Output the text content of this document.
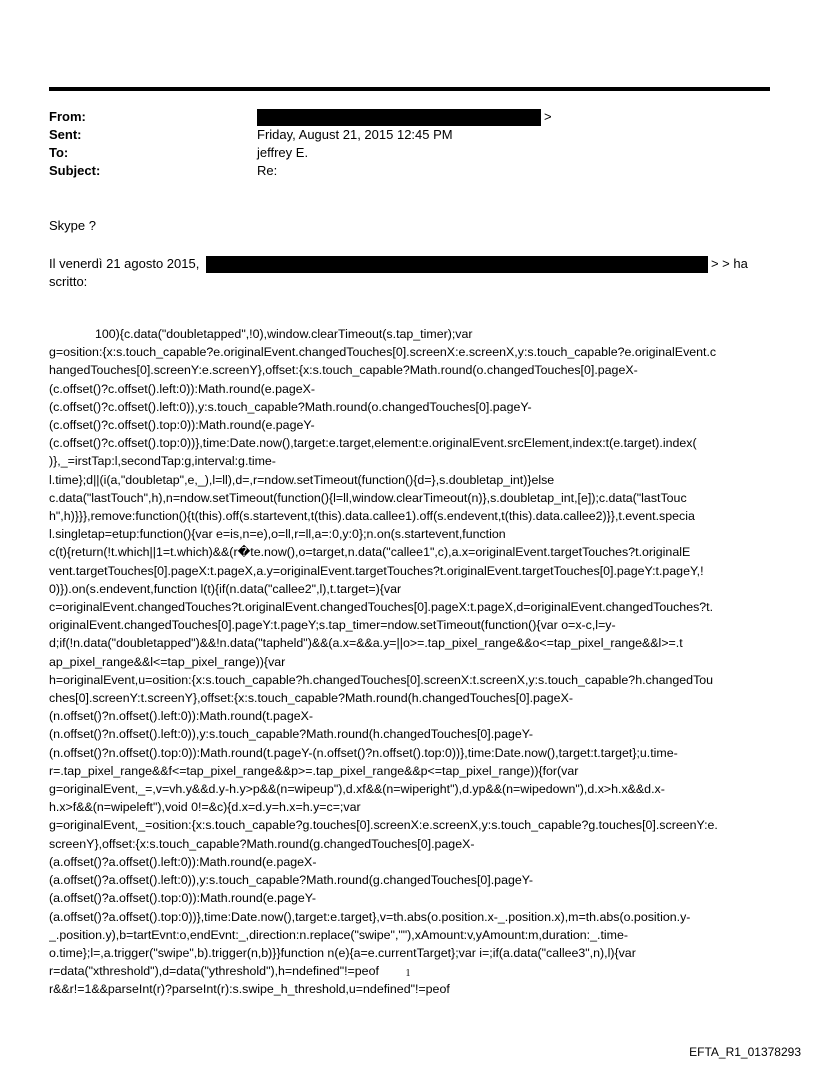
From:	>
Sent:	Friday, August 21, 2015 12:45 PM
To:	jeffrey E.
Subject:	Re:
Skype ?
Il venerdì 21 agosto 2015,	> > ha
scritto:
100){c.data("doubletapped",!0),window.clearTimeout(s.tap_timer);var
g=osition:{x:s.touch_capable?e.originalEvent.changedTouches[0].screenX:e.screenX,y:s.touch_capable?e.originalEvent.c
hangedTouches[0].screenY:e.screenY},offset:{x:s.touch_capable?Math.round(o.changedTouches[0].pageX-
(c.offset()?c.offset().left:0)):Math.round(e.pageX-
(c.offset()?c.offset().left:0)),y:s.touch_capable?Math.round(o.changedTouches[0].pageY-
(c.offset()?c.offset().top:0)):Math.round(e.pageY-
(c.offset()?c.offset().top:0))},time:Date.now(),target:e.target,element:e.originalEvent.srcElement,index:t(e.target).index(
)},_=irstTap:l,secondTap:g,interval:g.time-
l.time};d||(i(a,"doubletap",e,_),l=ll),d=,r=ndow.setTimeout(function(){d=},s.doubletap_int)}else
c.data("lastTouch",h),n=ndow.setTimeout(function(){l=ll,window.clearTimeout(n)},s.doubletap_int,[e]);c.data("lastTouc
h",h)}}},remove:function(){t(this).off(s.startevent,t(this).data.callee1).off(s.endevent,t(this).data.callee2)}},t.event.specia
l.singletap=etup:function(){var e=is,n=e),o=ll,r=ll,a=:0,y:0};n.on(s.startevent,function
c(t){return(!t.which||1=t.which)&&(r�te.now(),o=target,n.data("callee1",c),a.x=originalEvent.targetTouches?t.originalE
vent.targetTouches[0].pageX:t.pageX,a.y=originalEvent.targetTouches?t.originalEvent.targetTouches[0].pageY:t.pageY,!
0)}).on(s.endevent,function l(t){if(n.data("callee2",l),t.target=){var
c=originalEvent.changedTouches?t.originalEvent.changedTouches[0].pageX:t.pageX,d=originalEvent.changedTouches?t.
originalEvent.changedTouches[0].pageY:t.pageY;s.tap_timer=ndow.setTimeout(function(){var o=x-c,l=y-
d;if(!n.data("doubletapped")&&!n.data("tapheld")&&(a.x=&&a.y=||o>=.tap_pixel_range&&o<=tap_pixel_range&&l>=.t
ap_pixel_range&&l<=tap_pixel_range)){var
h=originalEvent,u=osition:{x:s.touch_capable?h.changedTouches[0].screenX:t.screenX,y:s.touch_capable?h.changedTou
ches[0].screenY:t.screenY},offset:{x:s.touch_capable?Math.round(h.changedTouches[0].pageX-
(n.offset()?n.offset().left:0)):Math.round(t.pageX-
(n.offset()?n.offset().left:0)),y:s.touch_capable?Math.round(h.changedTouches[0].pageY-
(n.offset()?n.offset().top:0)):Math.round(t.pageY-(n.offset()?n.offset().top:0))},time:Date.now(),target:t.target};u.time-
r=.tap_pixel_range&&f<=tap_pixel_range&&p>=.tap_pixel_range&&p<=tap_pixel_range)){for(var
g=originalEvent,_=,v=vh.y&&d.y-h.y>p&&(n=wipeup"),d.xf&&(n=wiperight"),d.yp&&(n=wipedown"),d.x>h.x&&d.x-
h.x>f&&(n=wipeleft"),void 0!=&c){d.x=d.y=h.x=h.y=c=;var
g=originalEvent,_=osition:{x:s.touch_capable?g.touches[0].screenX:e.screenX,y:s.touch_capable?g.touches[0].screenY:e.
screenY},offset:{x:s.touch_capable?Math.round(g.changedTouches[0].pageX-
(a.offset()?a.offset().left:0)):Math.round(e.pageX-
(a.offset()?a.offset().left:0)),y:s.touch_capable?Math.round(g.changedTouches[0].pageY-
(a.offset()?a.offset().top:0)):Math.round(e.pageY-
(a.offset()?a.offset().top:0))},time:Date.now(),target:e.target},v=th.abs(o.position.x-_.position.x),m=th.abs(o.position.y-
_.position.y),b=tartEvnt:o,endEvnt:_,direction:n.replace("swipe",""),xAmount:v,yAmount:m,duration:_.time-
o.time};l=,a.trigger("swipe",b).trigger(n,b)}}function n(e){a=e.currentTarget};var i=;if(a.data("callee3",n),l){var
r=data("xthreshold"),d=data("ythreshold"),h=ndefined"!=peof
r&&r!=1&&parseInt(r)?parseInt(r):s.swipe_h_threshold,u=ndefined"!=peof
1
EFTA_R1_01378293
